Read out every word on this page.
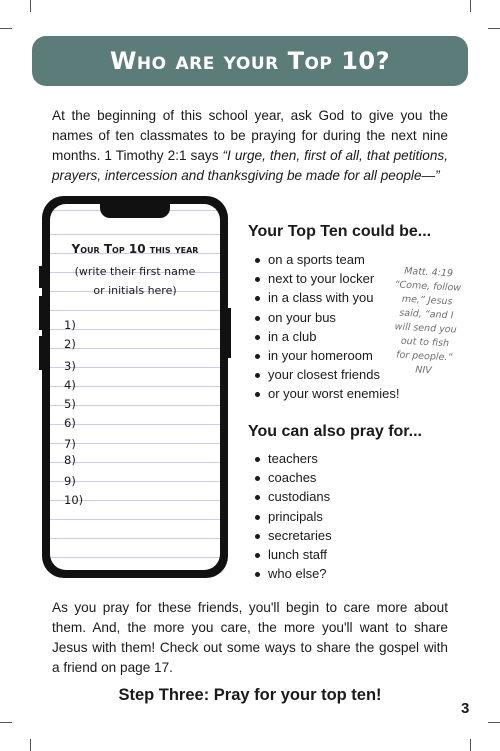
Who are your Top 10?

At the beginning of this school year, ask God to give you the names of ten classmates to be praying for during the next nine months. 1 Timothy 2:1 says “I urge, then, first of all, that petitions, prayers, intercession and thanksgiving be made for all people—”

Your Top 10 this year
(write their first name
or initials here)
1)
2)
3)
4)
5)
6)
7)
8)
9)
10)
Your Top Ten could be...
on a sports team
next to your locker
in a class with you
on your bus
in a club
in your homeroom
your closest friends
or your worst enemies!
Matt. 4:19
“Come, follow
me,” Jesus
said, “and I
will send you
out to fish
for people.”
NIV
You can also pray for...
teachers
coaches
custodians
principals
secretaries
lunch staff
who else?

As you pray for these friends, you'll begin to care more about them. And, the more you care, the more you'll want to share Jesus with them! Check out some ways to share the gospel with a friend on page 17.

Step Three: Pray for your top ten!
3
